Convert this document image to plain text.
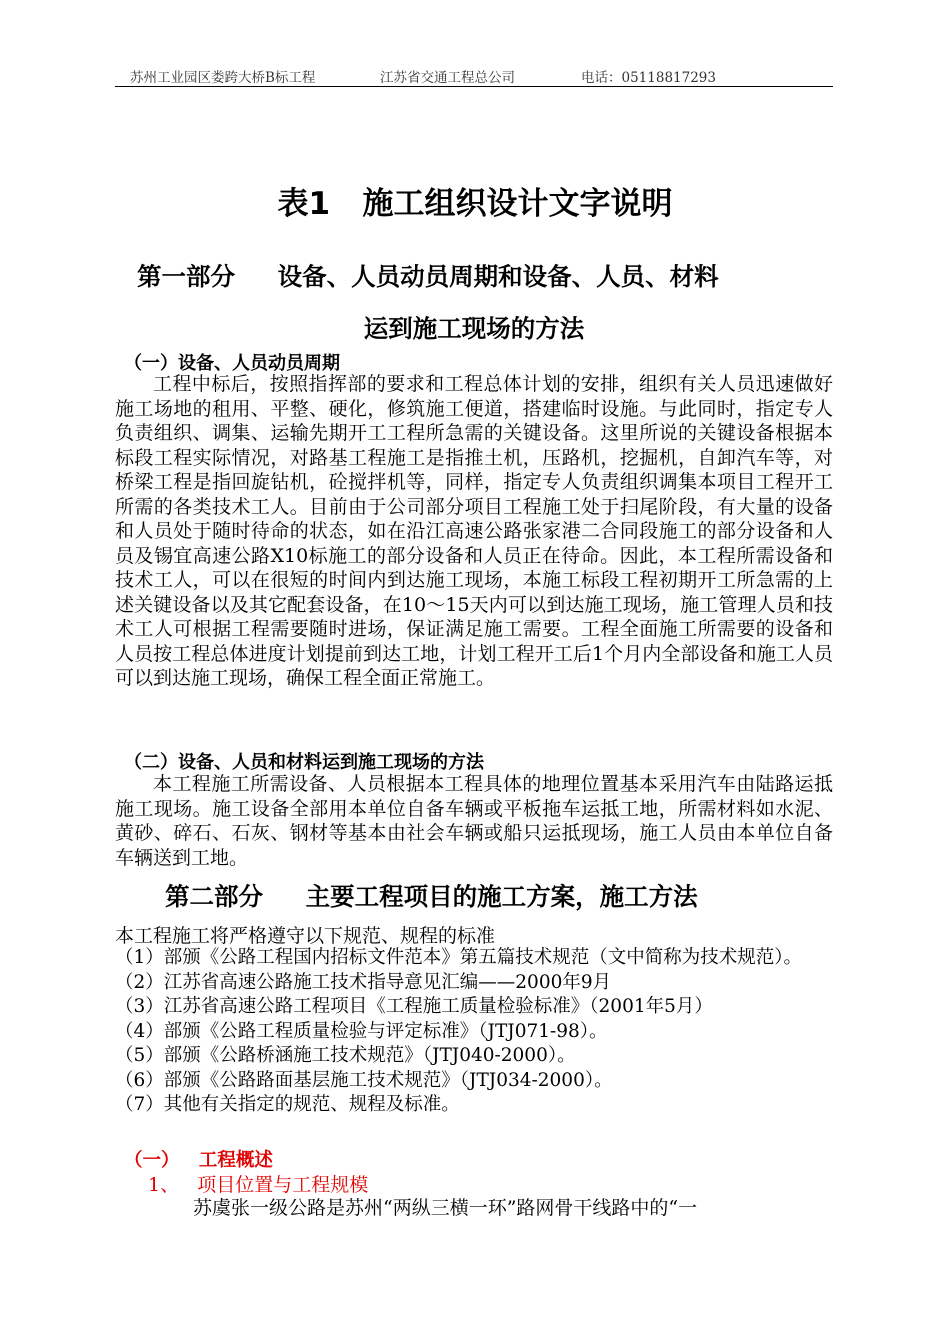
苏州工业园区娄跨大桥B标工程	江苏省交通工程总公司	电话：05118817293
表1   施工组织设计文字说明
第一部分     设备、人员动员周期和设备、人员、材料
运到施工现场的方法
（一）设备、人员动员周期

工程中标后，按照指挥部的要求和工程总体计划的安排，组织有关人员迅速做好施工场地的租用、平整、硬化，修筑施工便道，搭建临时设施。与此同时，指定专人负责组织、调集、运输先期开工工程所急需的关键设备。这里所说的关键设备根据本标段工程实际情况，对路基工程施工是指推土机，压路机，挖掘机，自卸汽车等，对桥梁工程是指回旋钻机，砼搅拌机等，同样，指定专人负责组织调集本项目工程开工所需的各类技术工人。目前由于公司部分项目工程施工处于扫尾阶段，有大量的设备和人员处于随时待命的状态，如在沿江高速公路张家港二合同段施工的部分设备和人员及锡宜高速公路X10标施工的部分设备和人员正在待命。因此，本工程所需设备和技术工人，可以在很短的时间内到达施工现场，本施工标段工程初期开工所急需的上述关键设备以及其它配套设备，在10～15天内可以到达施工现场，施工管理人员和技术工人可根据工程需要随时进场，保证满足施工需要。工程全面施工所需要的设备和人员按工程总体进度计划提前到达工地，计划工程开工后1个月内全部设备和施工人员可以到达施工现场，确保工程全面正常施工。

（二）设备、人员和材料运到施工现场的方法

本工程施工所需设备、人员根据本工程具体的地理位置基本采用汽车由陆路运抵施工现场。施工设备全部用本单位自备车辆或平板拖车运抵工地，所需材料如水泥、黄砂、碎石、石灰、钢材等基本由社会车辆或船只运抵现场，施工人员由本单位自备车辆送到工地。

第二部分     主要工程项目的施工方案，施工方法
本工程施工将严格遵守以下规范、规程的标准
（1）部颁《公路工程国内招标文件范本》第五篇技术规范（文中简称为技术规范）。
（2）江苏省高速公路施工技术指导意见汇编——2000年9月
（3）江苏省高速公路工程项目《工程施工质量检验标准》（2001年5月）
（4）部颁《公路工程质量检验与评定标准》（JTJ071-98）。
（5）部颁《公路桥涵施工技术规范》（JTJ040-2000）。
（6）部颁《公路路面基层施工技术规范》（JTJ034-2000）。
（7）其他有关指定的规范、规程及标准。
（一）   工程概述
1、   项目位置与工程规模
苏虞张一级公路是苏州“两纵三横一环”路网骨干线路中的“一
